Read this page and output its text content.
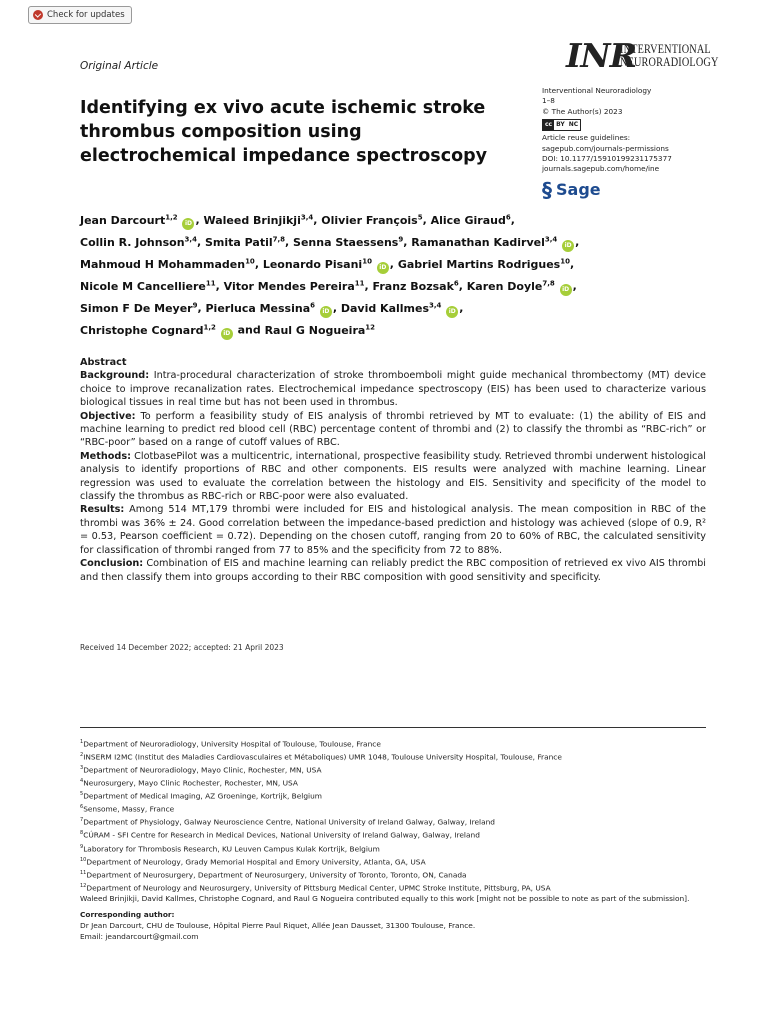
Check for updates
Original Article	INR
INTERVENTIONAL
NEURORADIOLOGY
Interventional Neuroradiology
1–8
© The Author(s) 2023
cc BY NC
Article reuse guidelines:
sagepub.com/journals-permissions
DOI: 10.1177/15910199231175377
journals.sagepub.com/home/ine
§ Sage
Identifying ex vivo acute ischemic stroke thrombus composition using electrochemical impedance spectroscopy
Jean Darcourt$^{1,2}$ iD , Waleed Brinjikji$^{3,4}$, Olivier François$^5$, Alice Giraud$^6$,
Collin R. Johnson$^{3,4}$, Smita Patil$^{7,8}$, Senna Staessens$^9$, Ramanathan Kadirvel$^{3,4}$ iD ,
Mahmoud H Mohammaden$^{10}$, Leonardo Pisani$^{10}$ iD , Gabriel Martins Rodrigues$^{10}$,
Nicole M Cancelliere$^{11}$, Vitor Mendes Pereira$^{11}$, Franz Bozsak$^6$, Karen Doyle$^{7,8}$ iD ,
Simon F De Meyer$^9$, Pierluca Messina$^6$ iD , David Kallmes$^{3,4}$ iD ,
Christophe Cognard$^{1,2}$ iD and Raul G Nogueira$^{12}$

Abstract

Background: Intra-procedural characterization of stroke thromboemboli might guide mechanical thrombectomy (MT) device choice to improve recanalization rates. Electrochemical impedance spectroscopy (EIS) has been used to characterize various biological tissues in real time but has not been used in thrombus.

Objective: To perform a feasibility study of EIS analysis of thrombi retrieved by MT to evaluate: (1) the ability of EIS and machine learning to predict red blood cell (RBC) percentage content of thrombi and (2) to classify the thrombi as “RBC-rich” or “RBC-poor” based on a range of cutoff values of RBC.

Methods: ClotbasePilot was a multicentric, international, prospective feasibility study. Retrieved thrombi underwent histological analysis to identify proportions of RBC and other components. EIS results were analyzed with machine learning. Linear regression was used to evaluate the correlation between the histology and EIS. Sensitivity and specificity of the model to classify the thrombus as RBC-rich or RBC-poor were also evaluated.

Results: Among 514 MT,179 thrombi were included for EIS and histological analysis. The mean composition in RBC of the thrombi was 36% ± 24. Good correlation between the impedance-based prediction and histology was achieved (slope of 0.9, R² = 0.53, Pearson coefficient = 0.72). Depending on the chosen cutoff, ranging from 20 to 60% of RBC, the calculated sensitivity for classification of thrombi ranged from 77 to 85% and the specificity from 72 to 88%.

Conclusion: Combination of EIS and machine learning can reliably predict the RBC composition of retrieved ex vivo AIS thrombi and then classify them into groups according to their RBC composition with good sensitivity and specificity.

Received 14 December 2022; accepted: 21 April 2023
$^1$Department of Neuroradiology, University Hospital of Toulouse, Toulouse, France
$^2$INSERM I2MC (Institut des Maladies Cardiovasculaires et Métaboliques) UMR 1048, Toulouse University Hospital, Toulouse, France
$^3$Department of Neuroradiology, Mayo Clinic, Rochester, MN, USA
$^4$Neurosurgery, Mayo Clinic Rochester, Rochester, MN, USA
$^5$Department of Medical Imaging, AZ Groeninge, Kortrijk, Belgium
$^6$Sensome, Massy, France
$^7$Department of Physiology, Galway Neuroscience Centre, National University of Ireland Galway, Galway, Ireland
$^8$CÚRAM - SFI Centre for Research in Medical Devices, National University of Ireland Galway, Galway, Ireland
$^9$Laboratory for Thrombosis Research, KU Leuven Campus Kulak Kortrijk, Belgium
$^{10}$Department of Neurology, Grady Memorial Hospital and Emory University, Atlanta, GA, USA
$^{11}$Department of Neurosurgery, Department of Neurosurgery, University of Toronto, Toronto, ON, Canada
$^{12}$Department of Neurology and Neurosurgery, University of Pittsburg Medical Center, UPMC Stroke Institute, Pittsburg, PA, USA
Waleed Brinjikji, David Kallmes, Christophe Cognard, and Raul G Nogueira contributed equally to this work [might not be possible to note as part of the submission].
Corresponding author:
Dr Jean Darcourt, CHU de Toulouse, Hôpital Pierre Paul Riquet, Allée Jean Dausset, 31300 Toulouse, France.
Email: jeandarcourt@gmail.com
